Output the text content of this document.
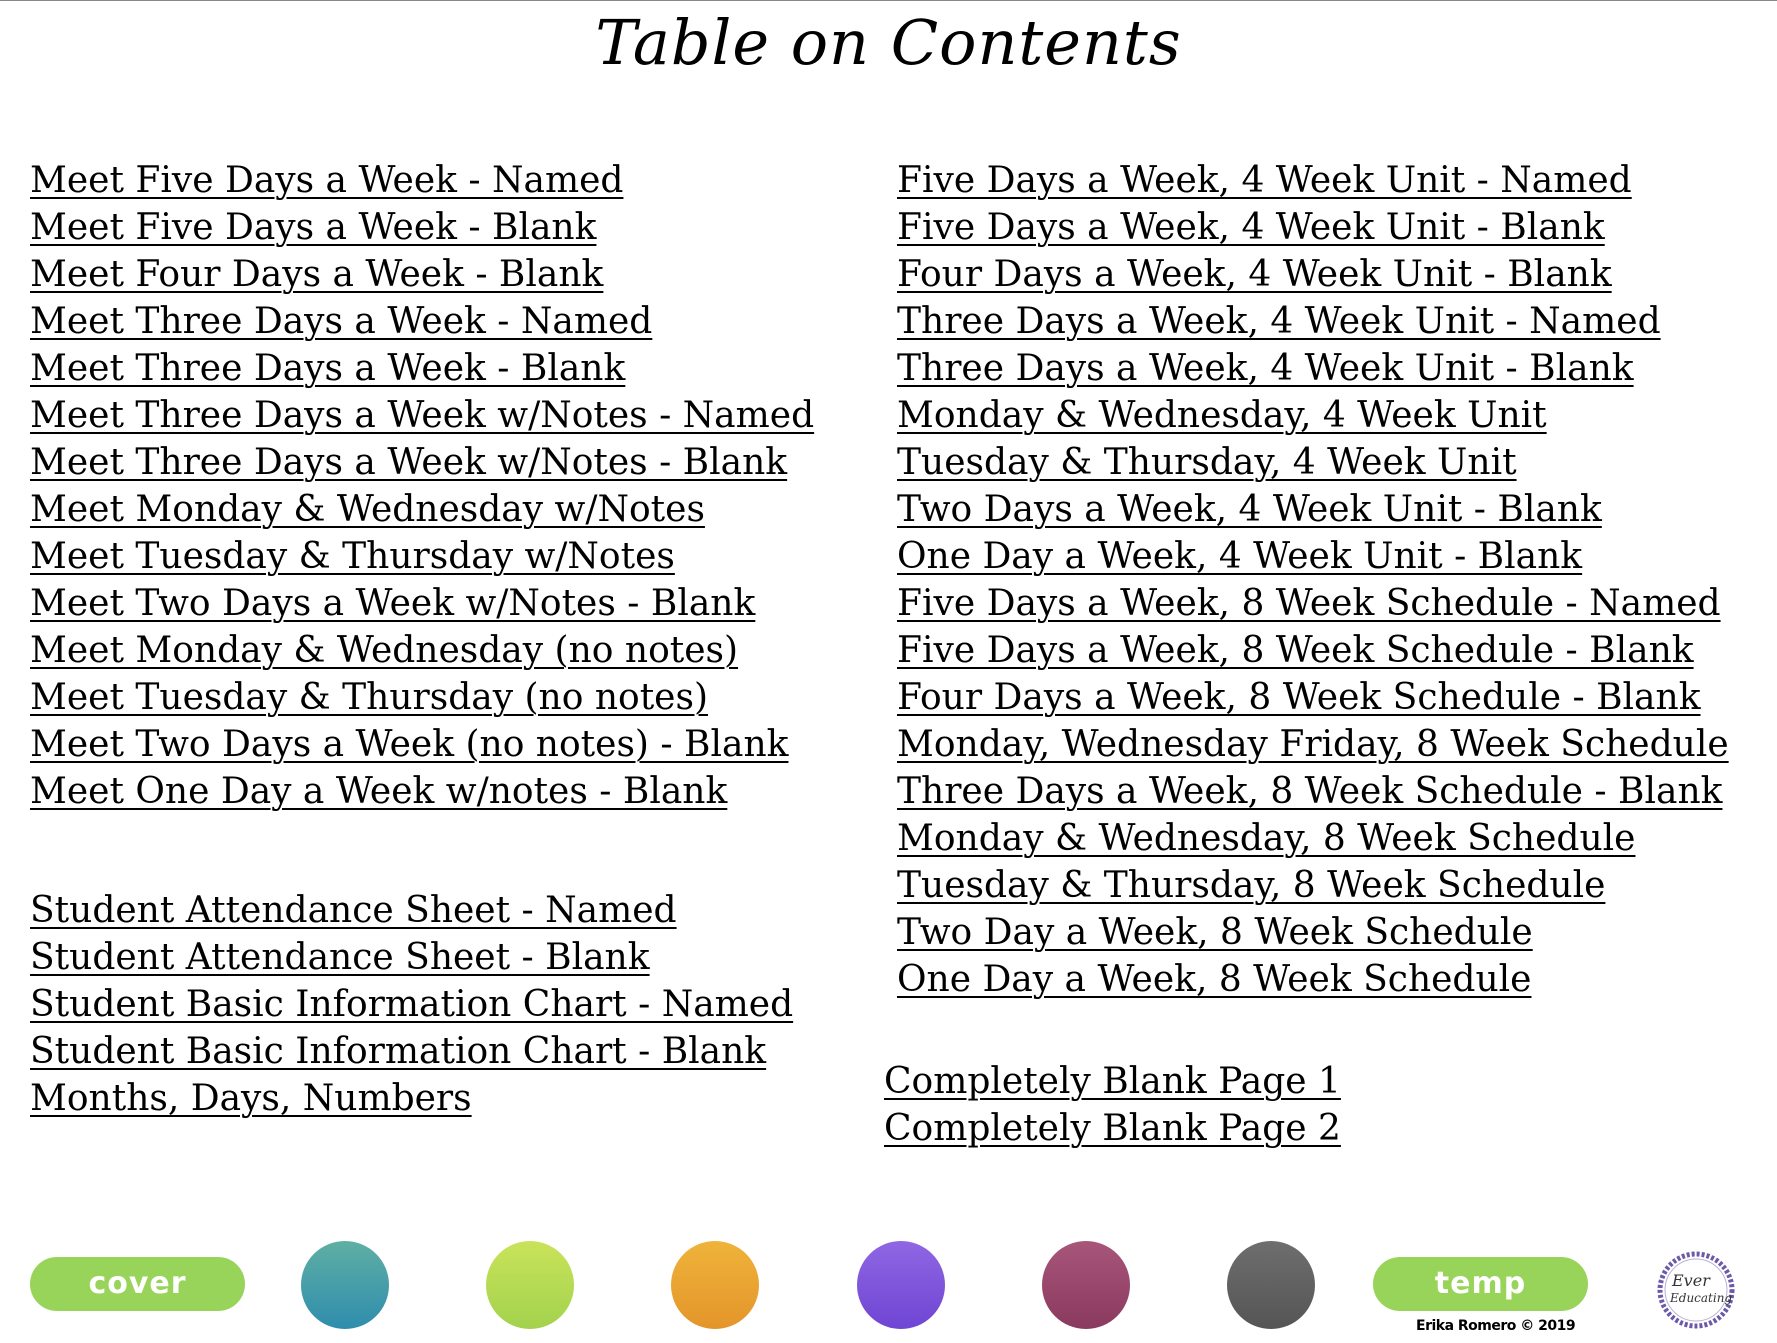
Table on Contents
Meet Five Days a Week - Named
Meet Five Days a Week - Blank
Meet Four Days a Week - Blank
Meet Three Days a Week - Named
Meet Three Days a Week - Blank
Meet Three Days a Week w/Notes - Named
Meet Three Days a Week w/Notes - Blank
Meet Monday & Wednesday w/Notes
Meet Tuesday & Thursday w/Notes
Meet Two Days a Week w/Notes - Blank
Meet Monday & Wednesday (no notes)
Meet Tuesday & Thursday (no notes)
Meet Two Days a Week (no notes) - Blank
Meet One Day a Week w/notes - Blank
Student Attendance Sheet - Named
Student Attendance Sheet - Blank
Student Basic Information Chart - Named
Student Basic Information Chart - Blank
Months, Days, Numbers
Five Days a Week, 4 Week Unit - Named
Five Days a Week, 4 Week Unit - Blank
Four Days a Week, 4 Week Unit - Blank
Three Days a Week, 4 Week Unit - Named
Three Days a Week, 4 Week Unit - Blank
Monday & Wednesday, 4 Week Unit
Tuesday & Thursday, 4 Week Unit
Two Days a Week, 4 Week Unit - Blank
One Day a Week, 4 Week Unit - Blank
Five Days a Week, 8 Week Schedule - Named
Five Days a Week, 8 Week Schedule - Blank
Four Days a Week, 8 Week Schedule - Blank
Monday, Wednesday Friday, 8 Week Schedule
Three Days a Week, 8 Week Schedule - Blank
Monday & Wednesday, 8 Week Schedule
Tuesday & Thursday, 8 Week Schedule
Two Day a Week, 8 Week Schedule
One Day a Week, 8 Week Schedule
Completely Blank Page 1
Completely Blank Page 2
cover	temp
Erika Romero © 2019
Ever
Educating
